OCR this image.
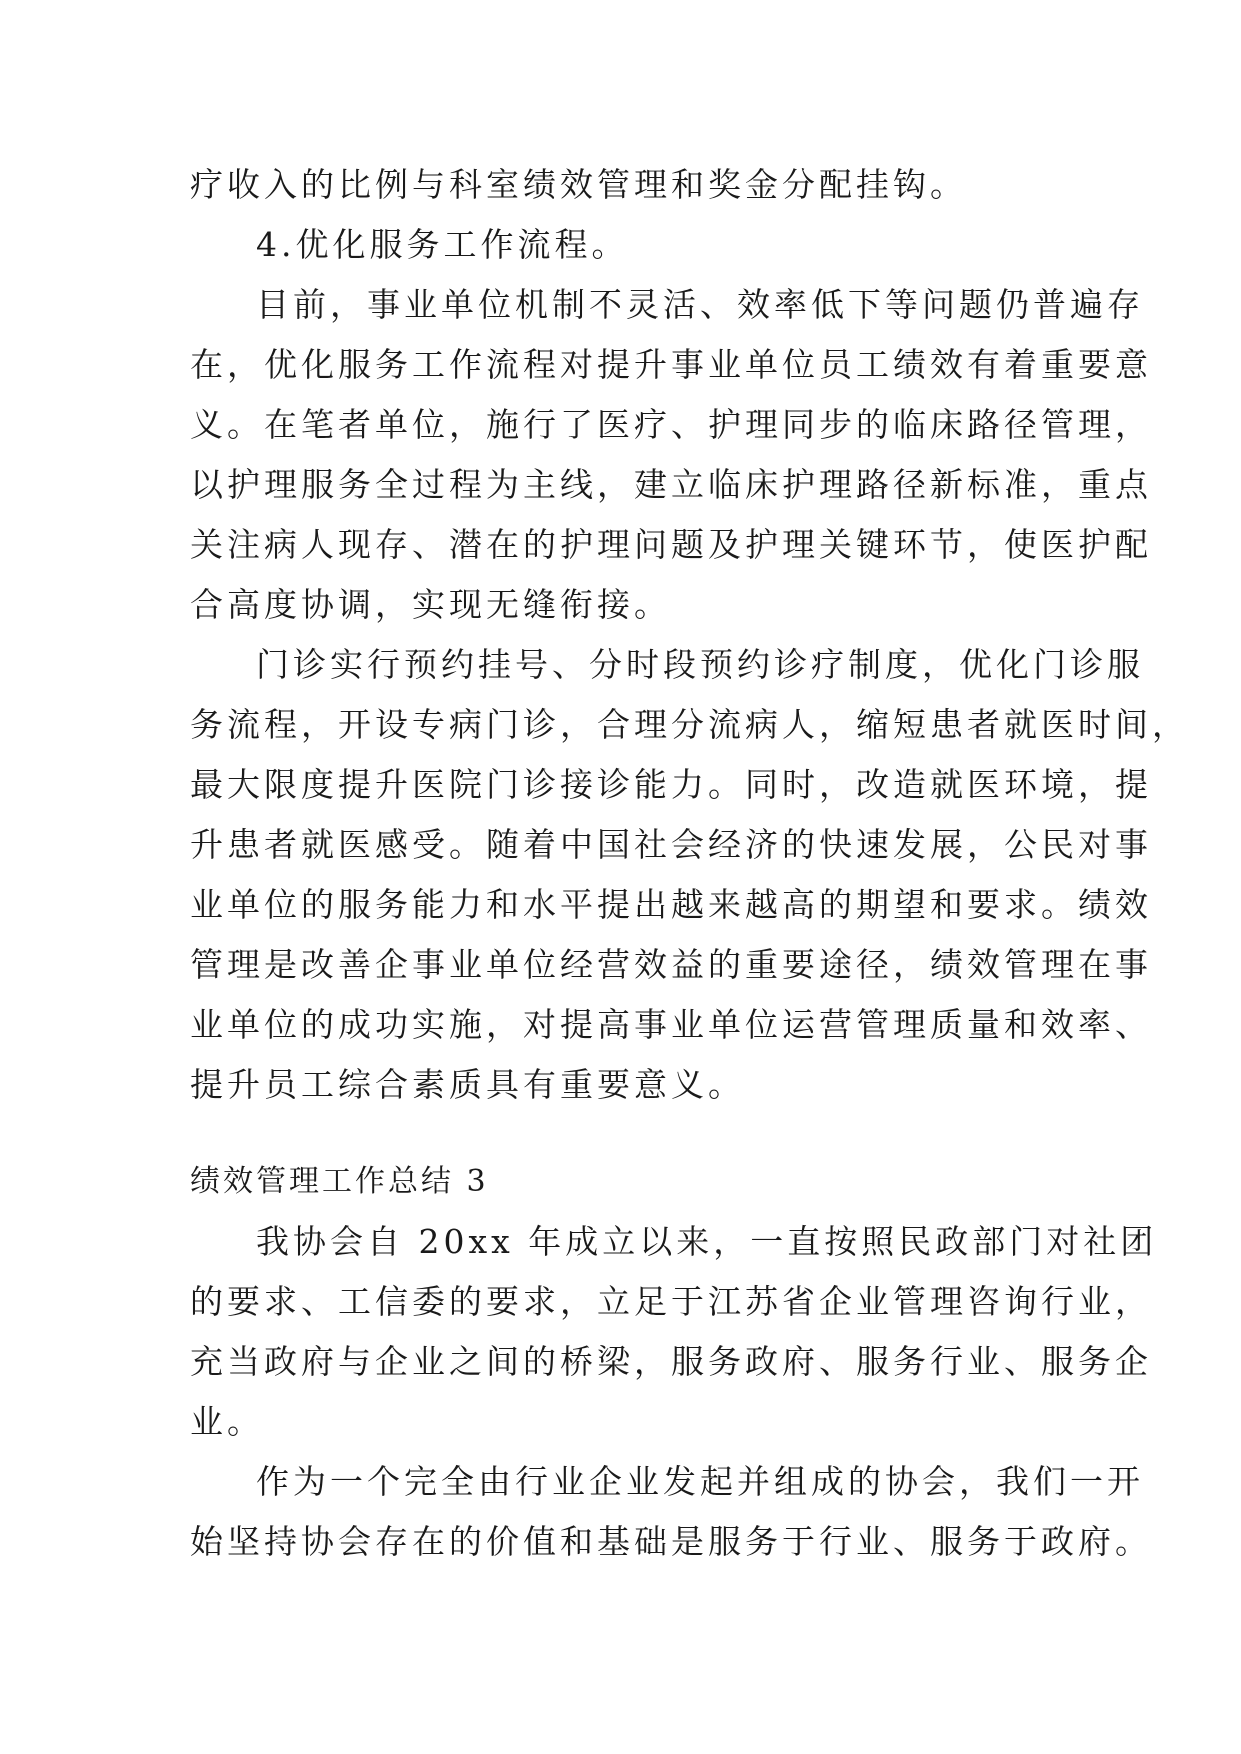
疗收入的比例与科室绩效管理和奖金分配挂钩。

4.优化服务工作流程。

目前，事业单位机制不灵活、效率低下等问题仍普遍存

在，优化服务工作流程对提升事业单位员工绩效有着重要意

义。在笔者单位，施行了医疗、护理同步的临床路径管理，

以护理服务全过程为主线，建立临床护理路径新标准，重点

关注病人现存、潜在的护理问题及护理关键环节，使医护配

合高度协调，实现无缝衔接。

门诊实行预约挂号、分时段预约诊疗制度，优化门诊服

务流程，开设专病门诊，合理分流病人，缩短患者就医时间，

最大限度提升医院门诊接诊能力。同时，改造就医环境，提

升患者就医感受。随着中国社会经济的快速发展，公民对事

业单位的服务能力和水平提出越来越高的期望和要求。绩效

管理是改善企事业单位经营效益的重要途径，绩效管理在事

业单位的成功实施，对提高事业单位运营管理质量和效率、

提升员工综合素质具有重要意义。

绩效管理工作总结 3

我协会自 20xx 年成立以来，一直按照民政部门对社团

的要求、工信委的要求，立足于江苏省企业管理咨询行业，

充当政府与企业之间的桥梁，服务政府、服务行业、服务企

业。

作为一个完全由行业企业发起并组成的协会，我们一开

始坚持协会存在的价值和基础是服务于行业、服务于政府。
